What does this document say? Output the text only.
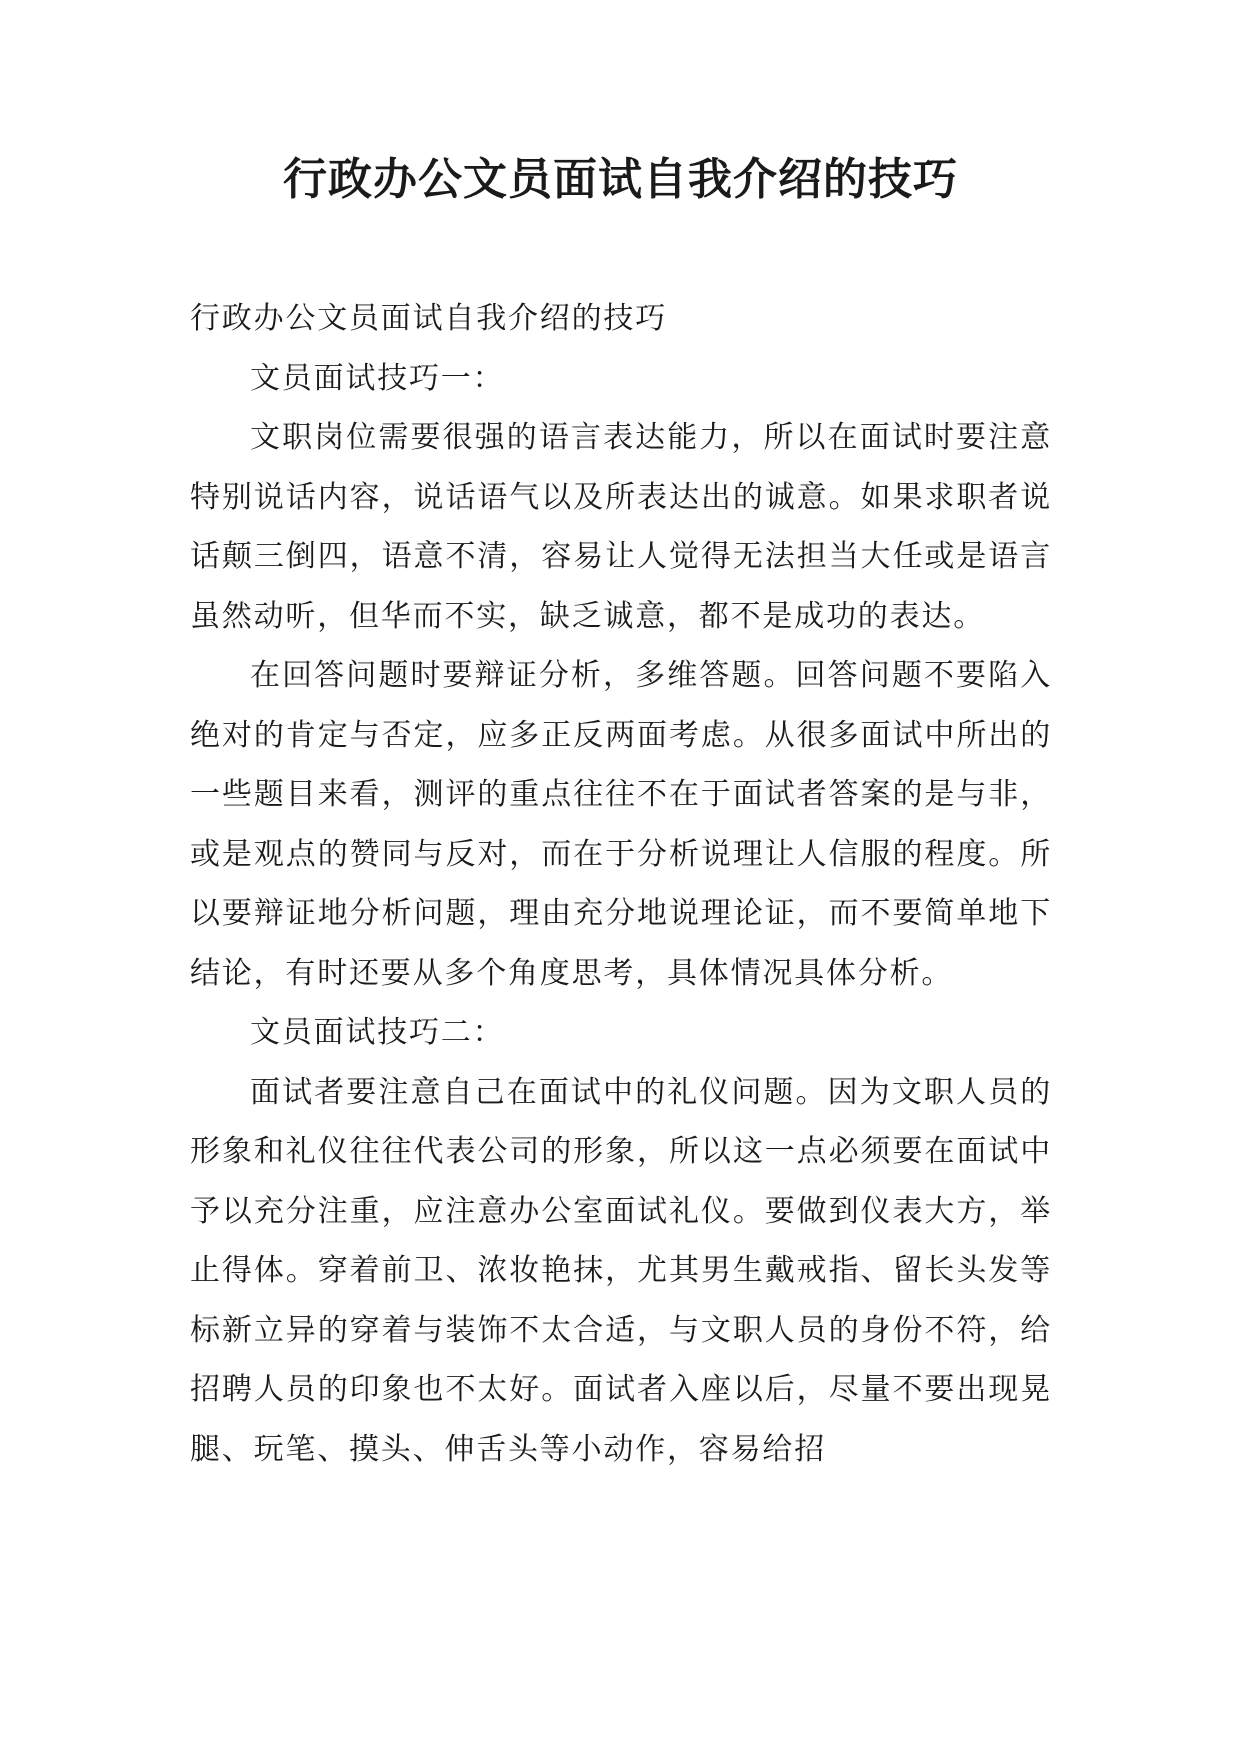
行政办公文员面试自我介绍的技巧

行政办公文员面试自我介绍的技巧

文员面试技巧一：

文职岗位需要很强的语言表达能力，所以在面试时要注意特别说话内容，说话语气以及所表达出的诚意。如果求职者说话颠三倒四，语意不清，容易让人觉得无法担当大任或是语言虽然动听，但华而不实，缺乏诚意，都不是成功的表达。

在回答问题时要辩证分析，多维答题。回答问题不要陷入绝对的肯定与否定，应多正反两面考虑。从很多面试中所出的一些题目来看，测评的重点往往不在于面试者答案的是与非，或是观点的赞同与反对，而在于分析说理让人信服的程度。所以要辩证地分析问题，理由充分地说理论证，而不要简单地下结论，有时还要从多个角度思考，具体情况具体分析。

文员面试技巧二：

面试者要注意自己在面试中的礼仪问题。因为文职人员的形象和礼仪往往代表公司的形象，所以这一点必须要在面试中予以充分注重，应注意办公室面试礼仪。要做到仪表大方，举止得体。穿着前卫、浓妆艳抹，尤其男生戴戒指、留长头发等标新立异的穿着与装饰不太合适，与文职人员的身份不符，给招聘人员的印象也不太好。面试者入座以后，尽量不要出现晃腿、玩笔、摸头、伸舌头等小动作，容易给招
